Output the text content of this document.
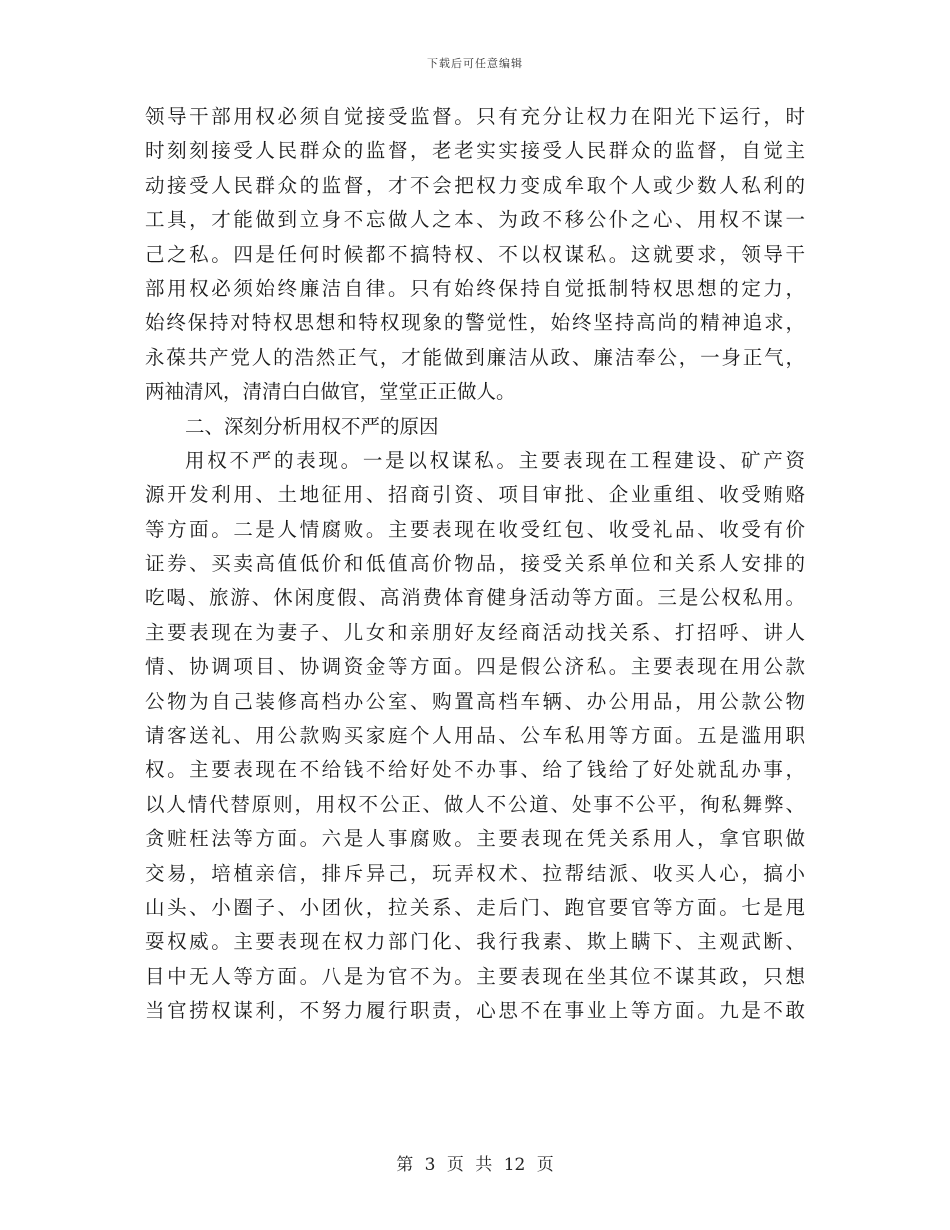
下载后可任意编辑
领导干部用权必须自觉接受监督。只有充分让权力在阳光下运行，时
时刻刻接受人民群众的监督，老老实实接受人民群众的监督，自觉主
动接受人民群众的监督，才不会把权力变成牟取个人或少数人私利的
工具，才能做到立身不忘做人之本、为政不移公仆之心、用权不谋一
己之私。四是任何时候都不搞特权、不以权谋私。这就要求，领导干
部用权必须始终廉洁自律。只有始终保持自觉抵制特权思想的定力，
始终保持对特权思想和特权现象的警觉性，始终坚持高尚的精神追求，
永葆共产党人的浩然正气，才能做到廉洁从政、廉洁奉公，一身正气，
两袖清风，清清白白做官，堂堂正正做人。
二、深刻分析用权不严的原因
用权不严的表现。一是以权谋私。主要表现在工程建设、矿产资
源开发利用、土地征用、招商引资、项目审批、企业重组、收受贿赂
等方面。二是人情腐败。主要表现在收受红包、收受礼品、收受有价
证券、买卖高值低价和低值高价物品，接受关系单位和关系人安排的
吃喝、旅游、休闲度假、高消费体育健身活动等方面。三是公权私用。
主要表现在为妻子、儿女和亲朋好友经商活动找关系、打招呼、讲人
情、协调项目、协调资金等方面。四是假公济私。主要表现在用公款
公物为自己装修高档办公室、购置高档车辆、办公用品，用公款公物
请客送礼、用公款购买家庭个人用品、公车私用等方面。五是滥用职
权。主要表现在不给钱不给好处不办事、给了钱给了好处就乱办事，
以人情代替原则，用权不公正、做人不公道、处事不公平，徇私舞弊、
贪赃枉法等方面。六是人事腐败。主要表现在凭关系用人，拿官职做
交易，培植亲信，排斥异己，玩弄权术、拉帮结派、收买人心，搞小
山头、小圈子、小团伙，拉关系、走后门、跑官要官等方面。七是甩
耍权威。主要表现在权力部门化、我行我素、欺上瞒下、主观武断、
目中无人等方面。八是为官不为。主要表现在坐其位不谋其政，只想
当官捞权谋利，不努力履行职责，心思不在事业上等方面。九是不敢
第 3 页 共 12 页
